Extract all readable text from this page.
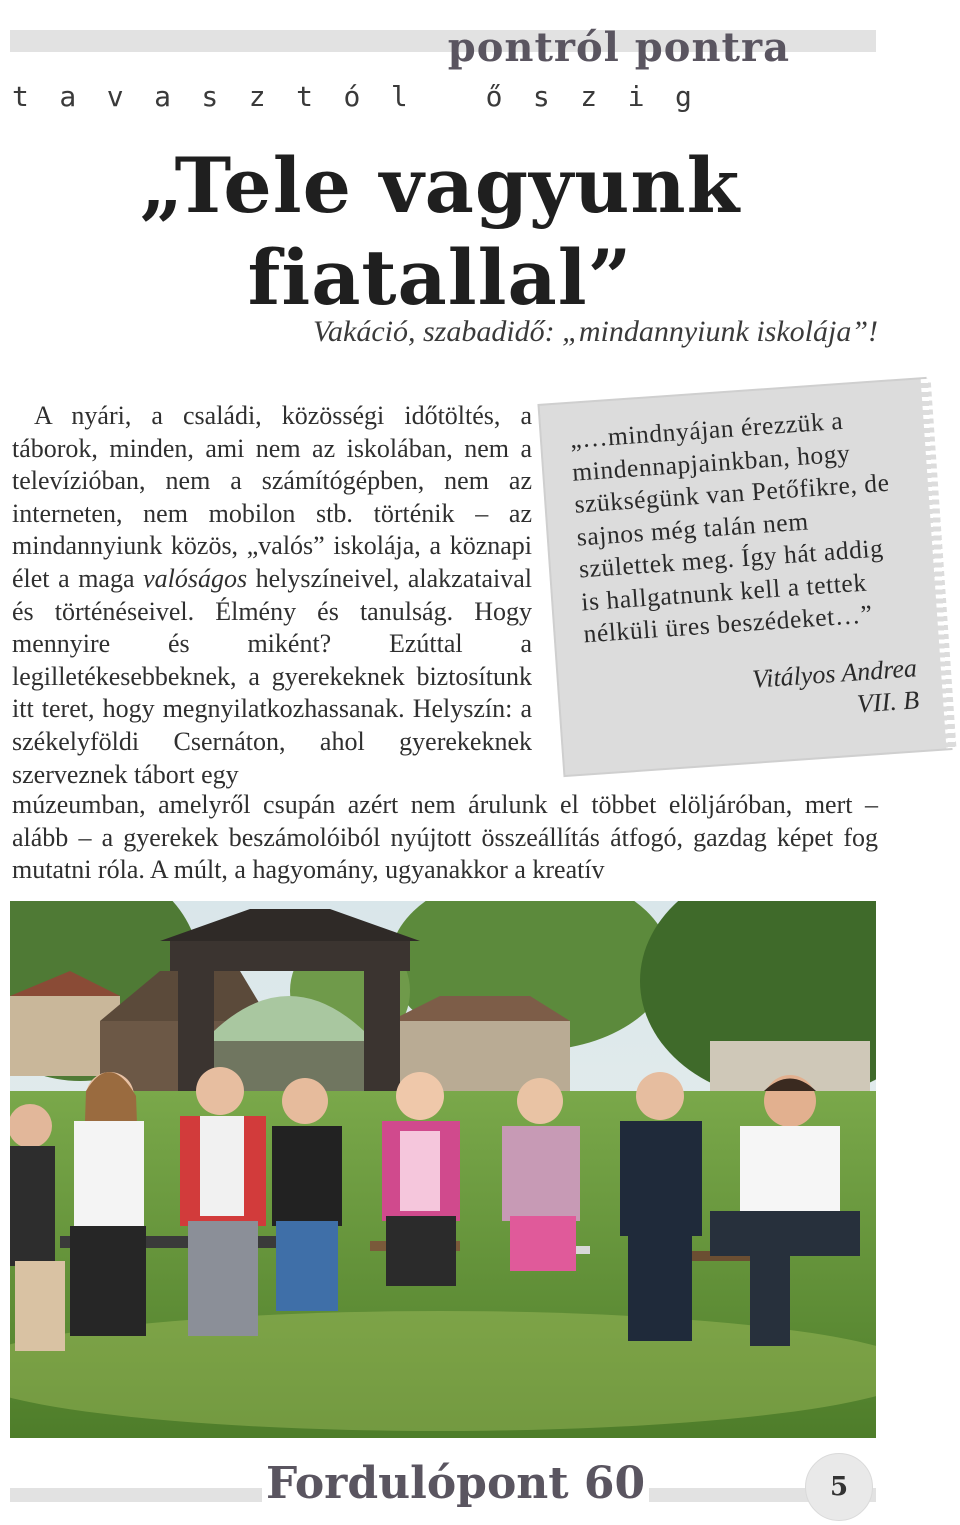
pontról pontra
tavasztól őszig
„Tele vagyunk
fiatallal”
Vakáció, szabadidő: „mindannyiunk iskolája”!

A nyári, a családi, közösségi időtöltés, a táborok, minden, ami nem az iskolában, nem a televízióban, nem a számítógépben, nem az interneten, nem mobilon stb. történik – az mindannyiunk közös, „valós” iskolája, a köznapi élet a maga valóságos helyszíneivel, alakzataival és történéseivel. Élmény és tanulság. Hogy mennyire és miként? Ezúttal a legilletékesebbeknek, a gyerekeknek biztosítunk itt teret, hogy megnyilatkozhassanak. Helyszín: a székelyföldi Csernáton, ahol gyerekeknek szerveznek tábort egy

múzeumban, amelyről csupán azért nem árulunk el többet elöljáróban, mert – alább – a gyerekek beszámolóiból nyújtott összeállítás átfogó, gazdag képet fog mutatni róla. A múlt, a hagyomány, ugyanakkor a kreatív

„…mindnyájan érezzük a mindennapjainkban, hogy szükségünk van Petőfikre, de sajnos még talán nem születtek meg. Így hát addig is hallgatnunk kell a tettek nélküli üres beszédeket…”
Vitályos Andrea
VII. B
Fordulópont 60	5
